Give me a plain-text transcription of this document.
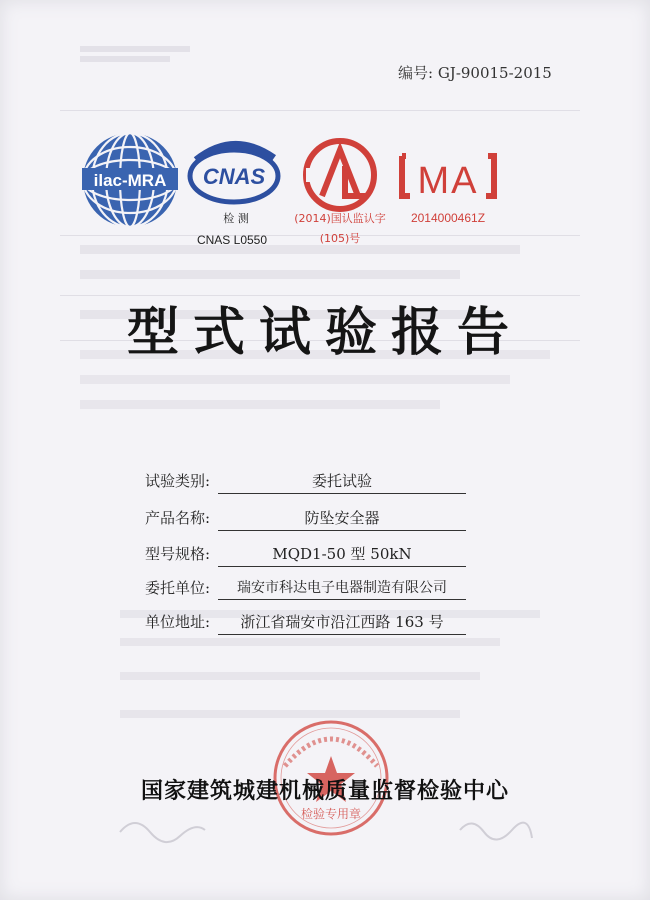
编号: GJ-90015-2015
ilac-MRA CNAS
检 测
CNAS L0550
(2014)国认监认字
(105)号
MA
2014000461Z
型式试验报告
试验类别:	委托试验
产品名称:	防坠安全器
型号规格:	MQD1-50 型 50kN
委托单位:	瑞安市科达电子电器制造有限公司
单位地址:	浙江省瑞安市沿江西路 163 号
检验专用章
国家建筑城建机械质量监督检验中心
